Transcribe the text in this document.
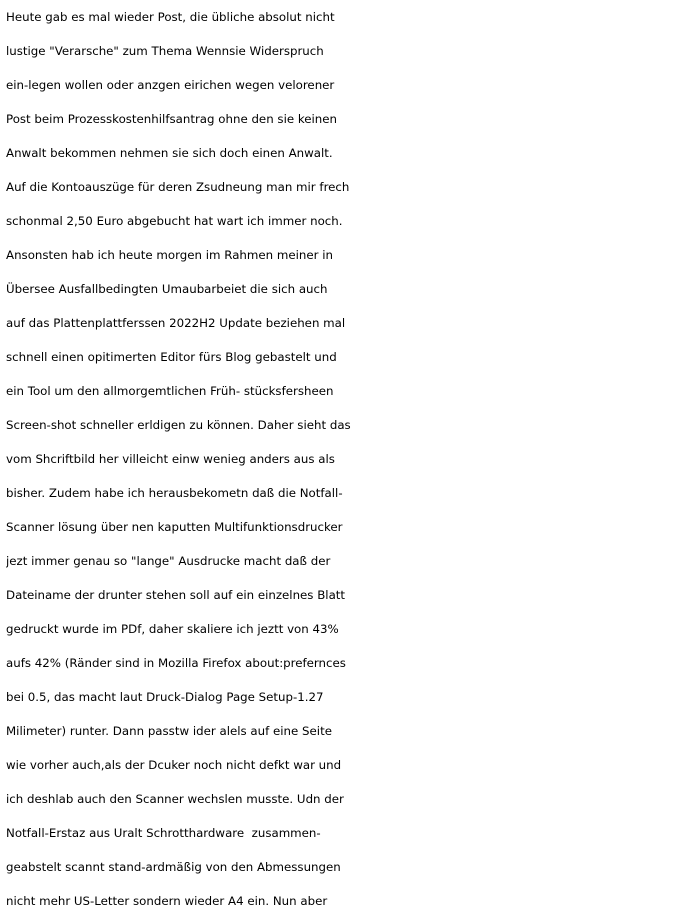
Heute gab es mal wieder Post, die übliche absolut nicht
lustige "Verarsche" zum Thema Wennsie Widerspruch
ein-legen wollen oder anzgen eirichen wegen velorener
Post beim Prozesskostenhilfsantrag ohne den sie keinen
Anwalt bekommen nehmen sie sich doch einen Anwalt.
Auf die Kontoauszüge für deren Zsudneung man mir frech
schonmal 2,50 Euro abgebucht hat wart ich immer noch.
Ansonsten hab ich heute morgen im Rahmen meiner in
Übersee Ausfallbedingten Umaubarbeiet die sich auch
auf das Plattenplattferssen 2022H2 Update beziehen mal
schnell einen opitimerten Editor fürs Blog gebastelt und
ein Tool um den allmorgemtlichen Früh- stücksfersheen
Screen-shot schneller erldigen zu können. Daher sieht das
vom Shcriftbild her villeicht einw wenieg anders aus als
bisher. Zudem habe ich herausbekometn daß die Notfall-
Scanner lösung über nen kaputten Multifunktionsdrucker
jezt immer genau so "lange" Ausdrucke macht daß der
Dateiname der drunter stehen soll auf ein einzelnes Blatt
gedruckt wurde im PDf, daher skaliere ich jeztt von 43%
aufs 42% (Ränder sind in Mozilla Firefox about:prefernces
bei 0.5, das macht laut Druck-Dialog Page Setup-1.27
Milimeter) runter. Dann passtw ider alels auf eine Seite
wie vorher auch,als der Dcuker noch nicht defkt war und
ich deshlab auch den Scanner wechslen musste. Udn der
Notfall-Erstaz aus Uralt Schrotthardware  zusammen-
geabstelt scannt stand-ardmäßig von den Abmessungen
nicht mehr US-Letter sondern wieder A4 ein. Nun aber
